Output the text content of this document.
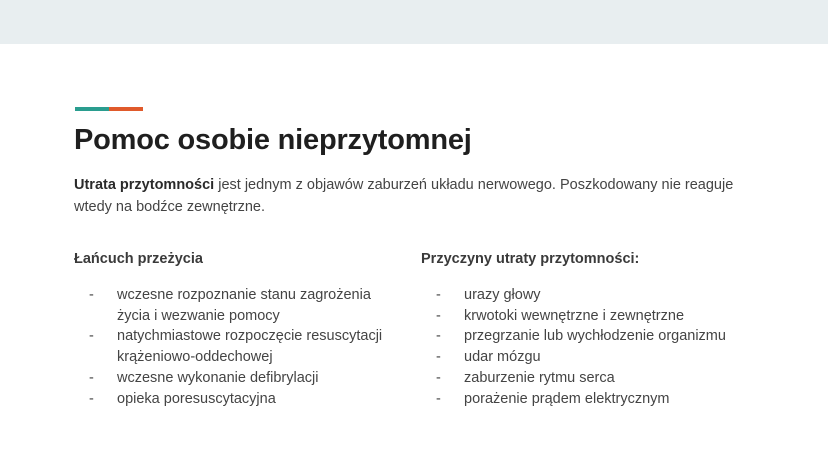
Pomoc osobie nieprzytomnej
Utrata przytomności jest jednym z objawów zaburzeń układu nerwowego. Poszkodowany nie reaguje wtedy na bodźce zewnętrzne.
Łańcuch przeżycia
- wczesne rozpoznanie stanu zagrożenia życia i wezwanie pomocy
- natychmiastowe rozpoczęcie resuscytacji krążeniowo-oddechowej
- wczesne wykonanie defibrylacji
- opieka poresuscytacyjna
Przyczyny utraty przytomności:
- urazy głowy
- krwotoki wewnętrzne i zewnętrzne
- przegrzanie lub wychłodzenie organizmu
- udar mózgu
- zaburzenie rytmu serca
- porażenie prądem elektrycznym
